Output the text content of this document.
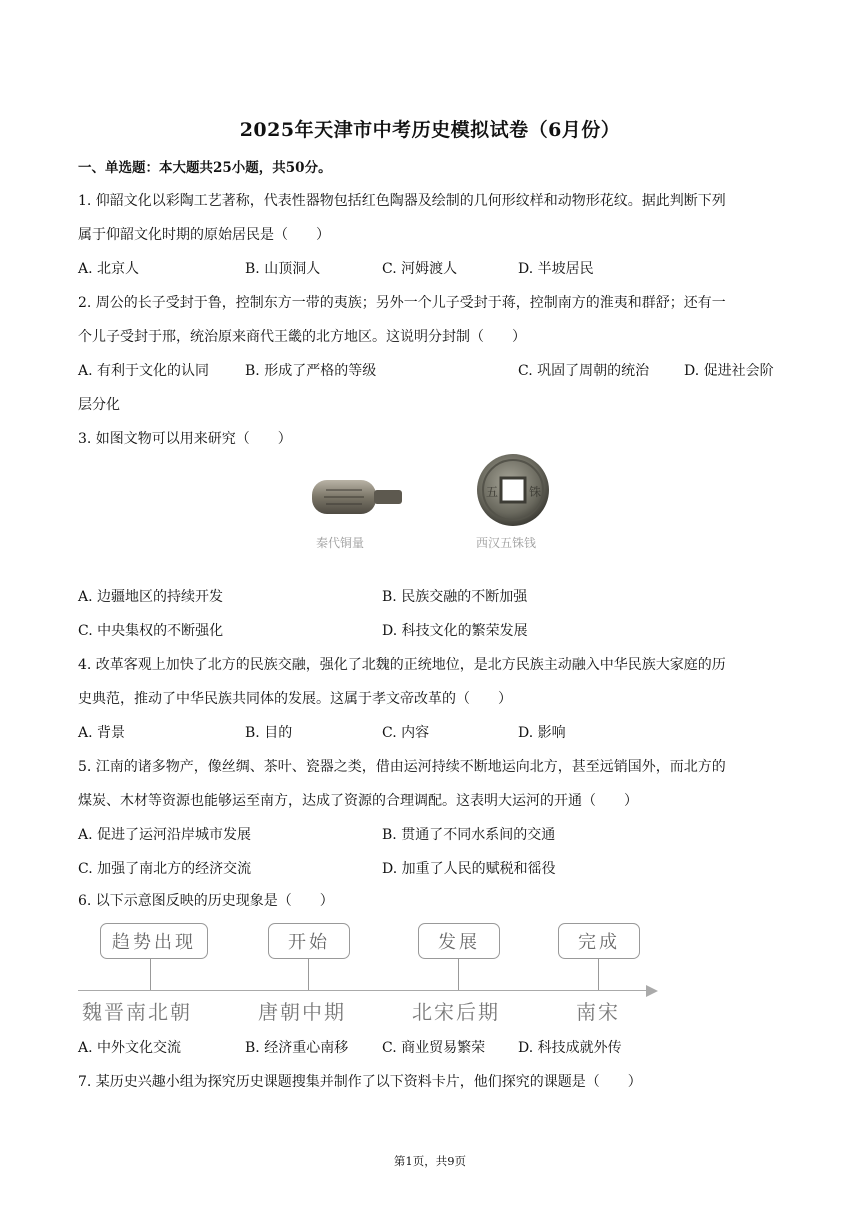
2025年天津市中考历史模拟试卷（6月份）
一、单选题：本大题共25小题，共50分。
1. 仰韶文化以彩陶工艺著称，代表性器物包括红色陶器及绘制的几何形纹样和动物形花纹。据此判断下列
属于仰韶文化时期的原始居民是（　　）
A. 北京人	B. 山顶洞人	C. 河姆渡人	D. 半坡居民
2. 周公的长子受封于鲁，控制东方一带的夷族；另外一个儿子受封于蒋，控制南方的淮夷和群舒；还有一
个儿子受封于邢，统治原来商代王畿的北方地区。这说明分封制（　　）
A. 有利于文化的认同	B. 形成了严格的等级	C. 巩固了周朝的统治 D. 促进社会阶
层分化
3. 如图文物可以用来研究（　　）
五	铢
秦代铜量	西汉五铢钱
A. 边疆地区的持续开发	B. 民族交融的不断加强
C. 中央集权的不断强化	D. 科技文化的繁荣发展
4. 改革客观上加快了北方的民族交融，强化了北魏的正统地位，是北方民族主动融入中华民族大家庭的历
史典范，推动了中华民族共同体的发展。这属于孝文帝改革的（　　）
A. 背景	B. 目的	C. 内容	D. 影响
5. 江南的诸多物产，像丝绸、茶叶、瓷器之类，借由运河持续不断地运向北方，甚至远销国外，而北方的
煤炭、木材等资源也能够运至南方，达成了资源的合理调配。这表明大运河的开通（　　）
A. 促进了运河沿岸城市发展	B. 贯通了不同水系间的交通
C. 加强了南北方的经济交流	D. 加重了人民的赋税和徭役
6. 以下示意图反映的历史现象是（　　）
趋势出现	开始	发展	完成
魏晋南北朝	唐朝中期	北宋后期	南宋
A. 中外文化交流	B. 经济重心南移 C. 商业贸易繁荣 D. 科技成就外传
7. 某历史兴趣小组为探究历史课题搜集并制作了以下资料卡片，他们探究的课题是（　　）
第1页，共9页
